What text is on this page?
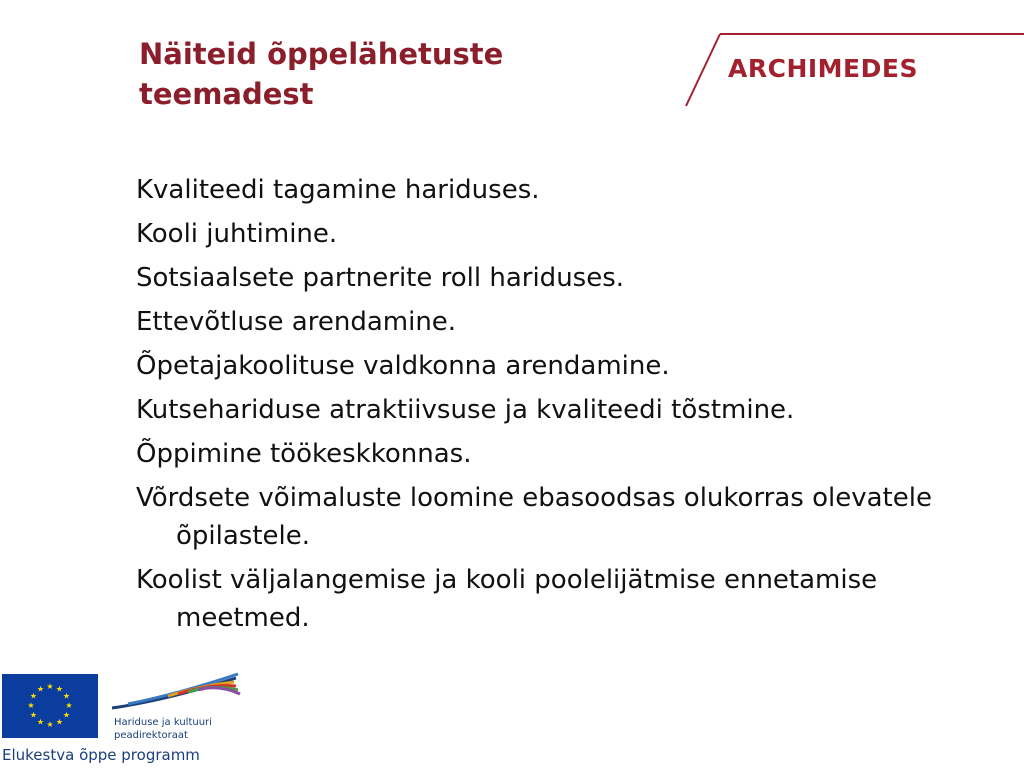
Näiteid õppelähetuste teemadest
ARCHIMEDES
Kvaliteedi tagamine hariduses.
Kooli juhtimine.
Sotsiaalsete partnerite roll hariduses.
Ettevõtluse arendamine.
Õpetajakoolituse valdkonna arendamine.
Kutsehariduse atraktiivsuse ja kvaliteedi tõstmine.
Õppimine töökeskkonnas.
Võrdsete võimaluste loomine ebasoodsas olukorras olevatele õpilastele.
Koolist väljalangemise ja kooli poolelijätmise ennetamise meetmed.
★ ★
★
★
★
★
★
★
★
★
★
★
Hariduse ja kultuuri
peadirektoraat
Elukestva õppe programm
